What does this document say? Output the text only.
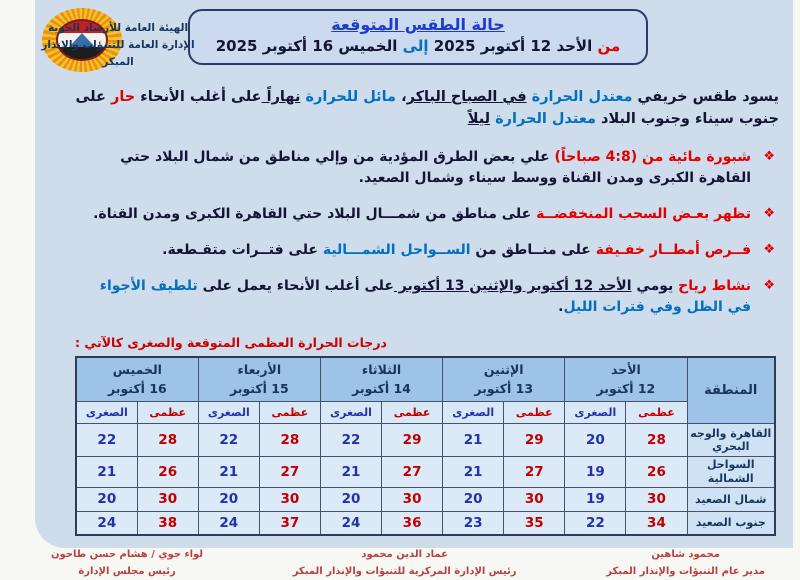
حالة الطقس المتوقعة
من الأحد 12 أكتوبر 2025 إلى الخميس 16 أكتوبر 2025
الهيئة العامة للأرصاد الجوية
الإدارة العامة للتنبؤات والإنذار المبكر

يسود طقس خريفي معتدل الحرارة في الصباح الباكر، مائل للحرارة نهاراً على أغلب الأنحاء حار على جنوب سيناء وجنوب البلاد معتدل الحرارة ليلاً

❖
شبورة مائية من (4:8 صباحاً) علي بعض الطرق المؤدية من وإلي مناطق من شمال البلاد حتي القاهرة الكبرى ومدن القناة ووسط سيناء وشمال الصعيد.
❖
تظهر بعـض السحب المنخفضــة على مناطق من شمـــال البلاد حتي القاهرة الكبرى ومدن القناة.
❖
فــرص أمطــار خفـيفة على منــاطق من الســواحل الشمـــالية على فتــرات متقـطعة.
❖
نشاط رياح يومي الأحد 12 أكتوبر والإثنين 13 أكتوبر على أغلب الأنحاء يعمل على تلطيف الأجواء في الظل وفي فترات الليل.
درجات الحرارة العظمى المتوقعة والصغرى كالآتي :
المنطقة	
الأحد
12 أكتوبر

الإثنين
13 أكتوبر

الثلاثاء
14 أكتوبر

الأربعاء
15 أكتوبر

الخميس
16 أكتوبر

	عظمى	الصغرى	عظمى	الصغرى	عظمى	الصغرى	عظمى	الصغرى	عظمى	الصغرى
القاهرة والوجه البحري	28	20	29	21	29	22	28	22	28	22
السواحل الشمالية	26	19	27	21	27	21	27	21	26	21
شمال الصعيد	30	19	30	20	30	20	30	20	30	20
جنوب الصعيد	34	22	35	23	36	24	37	24	38	24
محمود شاهين
مدير عام التنبؤات والإنذار المبكر
عماد الدين محمود
رئيس الإدارة المركزية للتنبؤات والإنذار المبكر
لواء جوي / هشام حسن طاحون
رئيس مجلس الإدارة
